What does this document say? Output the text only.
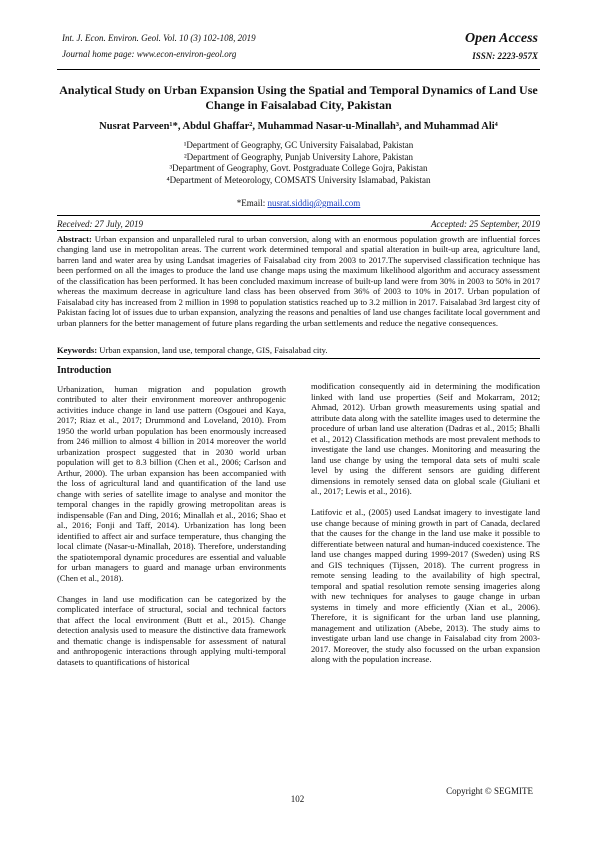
Int. J. Econ. Environ. Geol. Vol. 10 (3) 102-108, 2019
Journal home page: www.econ-environ-geol.org
Open Access
ISSN: 2223-957X
Analytical Study on Urban Expansion Using the Spatial and Temporal Dynamics of Land Use Change in Faisalabad City, Pakistan
Nusrat Parveen¹*, Abdul Ghaffar², Muhammad Nasar-u-Minallah³, and Muhammad Ali⁴
¹Department of Geography, GC University Faisalabad, Pakistan
²Department of Geography, Punjab University Lahore, Pakistan
³Department of Geography, Govt. Postgraduate College Gojra, Pakistan
⁴Department of Meteorology, COMSATS University Islamabad, Pakistan
*Email: nusrat.siddiq@gmail.com
Received: 27 July, 2019	Accepted: 25 September, 2019
Abstract: Urban expansion and unparalleled rural to urban conversion, along with an enormous population growth are influential forces changing land use in metropolitan areas. The current work determined temporal and spatial alteration in built-up area, agriculture land, barren land and water area by using Landsat imageries of Faisalabad city from 2003 to 2017.The supervised classification technique has been performed on all the images to produce the land use change maps using the maximum likelihood algorithm and accuracy assessment of the classification has been performed. It has been concluded maximum increase of built-up land were from 30% in 2003 to 50% in 2017 whereas the maximum decrease in agriculture land class has been observed from 36% of 2003 to 10% in 2017. Urban population of Faisalabad city has increased from 2 million in 1998 to population statistics reached up to 3.2 million in 2017. Faisalabad 3rd largest city of Pakistan facing lot of issues due to urban expansion, analyzing the reasons and penalties of land use changes facilitate local government and urban planners for the better management of future plans regarding the urban settlements and reduce the negative consequences.
Keywords: Urban expansion, land use, temporal change, GIS, Faisalabad city.
Introduction

Urbanization, human migration and population growth contributed to alter their environment moreover anthropogenic activities induce change in land use pattern (Osgouei and Kaya, 2017; Riaz et al., 2017; Drummond and Loveland, 2010). From 1950 the world urban population has been enormously increased from 246 million to almost 4 billion in 2014 moreover the world urbanization prospect suggested that in 2030 world urban population will get to 8.3 billion (Chen et al., 2006; Carlson and Arthur, 2000). The urban expansion has been accompanied with the loss of agricultural land and quantification of the land use change with series of satellite image to analyse and monitor the temporal changes in the rapidly growing metropolitan areas is indispensable (Fan and Ding, 2016; Minallah et al., 2016; Shao et al., 2016; Fonji and Taff, 2014). Urbanization has long been identified to affect air and surface temperature, thus changing the local climate (Nasar-u-Minallah, 2018). Therefore, understanding the spatiotemporal dynamic procedures are essential and valuable for urban managers to guard and manage urban environments (Chen et al., 2018).

Changes in land use modification can be categorized by the complicated interface of structural, social and technical factors that affect the local environment (Butt et al., 2015). Change detection analysis used to measure the distinctive data framework and thematic change is indispensable for assessment of natural and anthropogenic interactions through applying multi-temporal datasets to quantifications of historical

modification consequently aid in determining the modification linked with land use properties (Seif and Mokarram, 2012; Ahmad, 2012). Urban growth measurements using spatial and attribute data along with the satellite images used to determine the procedure of urban land use alteration (Dadras et al., 2015; Bhalli et al., 2012) Classification methods are most prevalent methods to investigate the land use changes. Monitoring and measuring the land use change by using the temporal data sets of multi scale level by using the different sensors are guiding different dimensions in remotely sensed data on global scale (Giuliani et al., 2017; Lewis et al., 2016).

Latifovic et al., (2005) used Landsat imagery to investigate land use change because of mining growth in part of Canada, declared that the causes for the change in the land use make it possible to differentiate between natural and human-induced coexistence. The land use changes mapped during 1999-2017 (Sweden) using RS and GIS techniques (Tijssen, 2018). The current progress in remote sensing leading to the availability of high spectral, temporal and spatial resolution remote sensing imageries along with new techniques for analyses to gauge change in urban systems in timely and more efficiently (Xian et al., 2006). Therefore, it is significant for the urban land use planning, management and utilization (Abebe, 2013). The study aims to investigate urban land use change in Faisalabad city from 2003-2017. Moreover, the study also focussed on the urban expansion along with the population increase.

102
Copyright © SEGMITE
